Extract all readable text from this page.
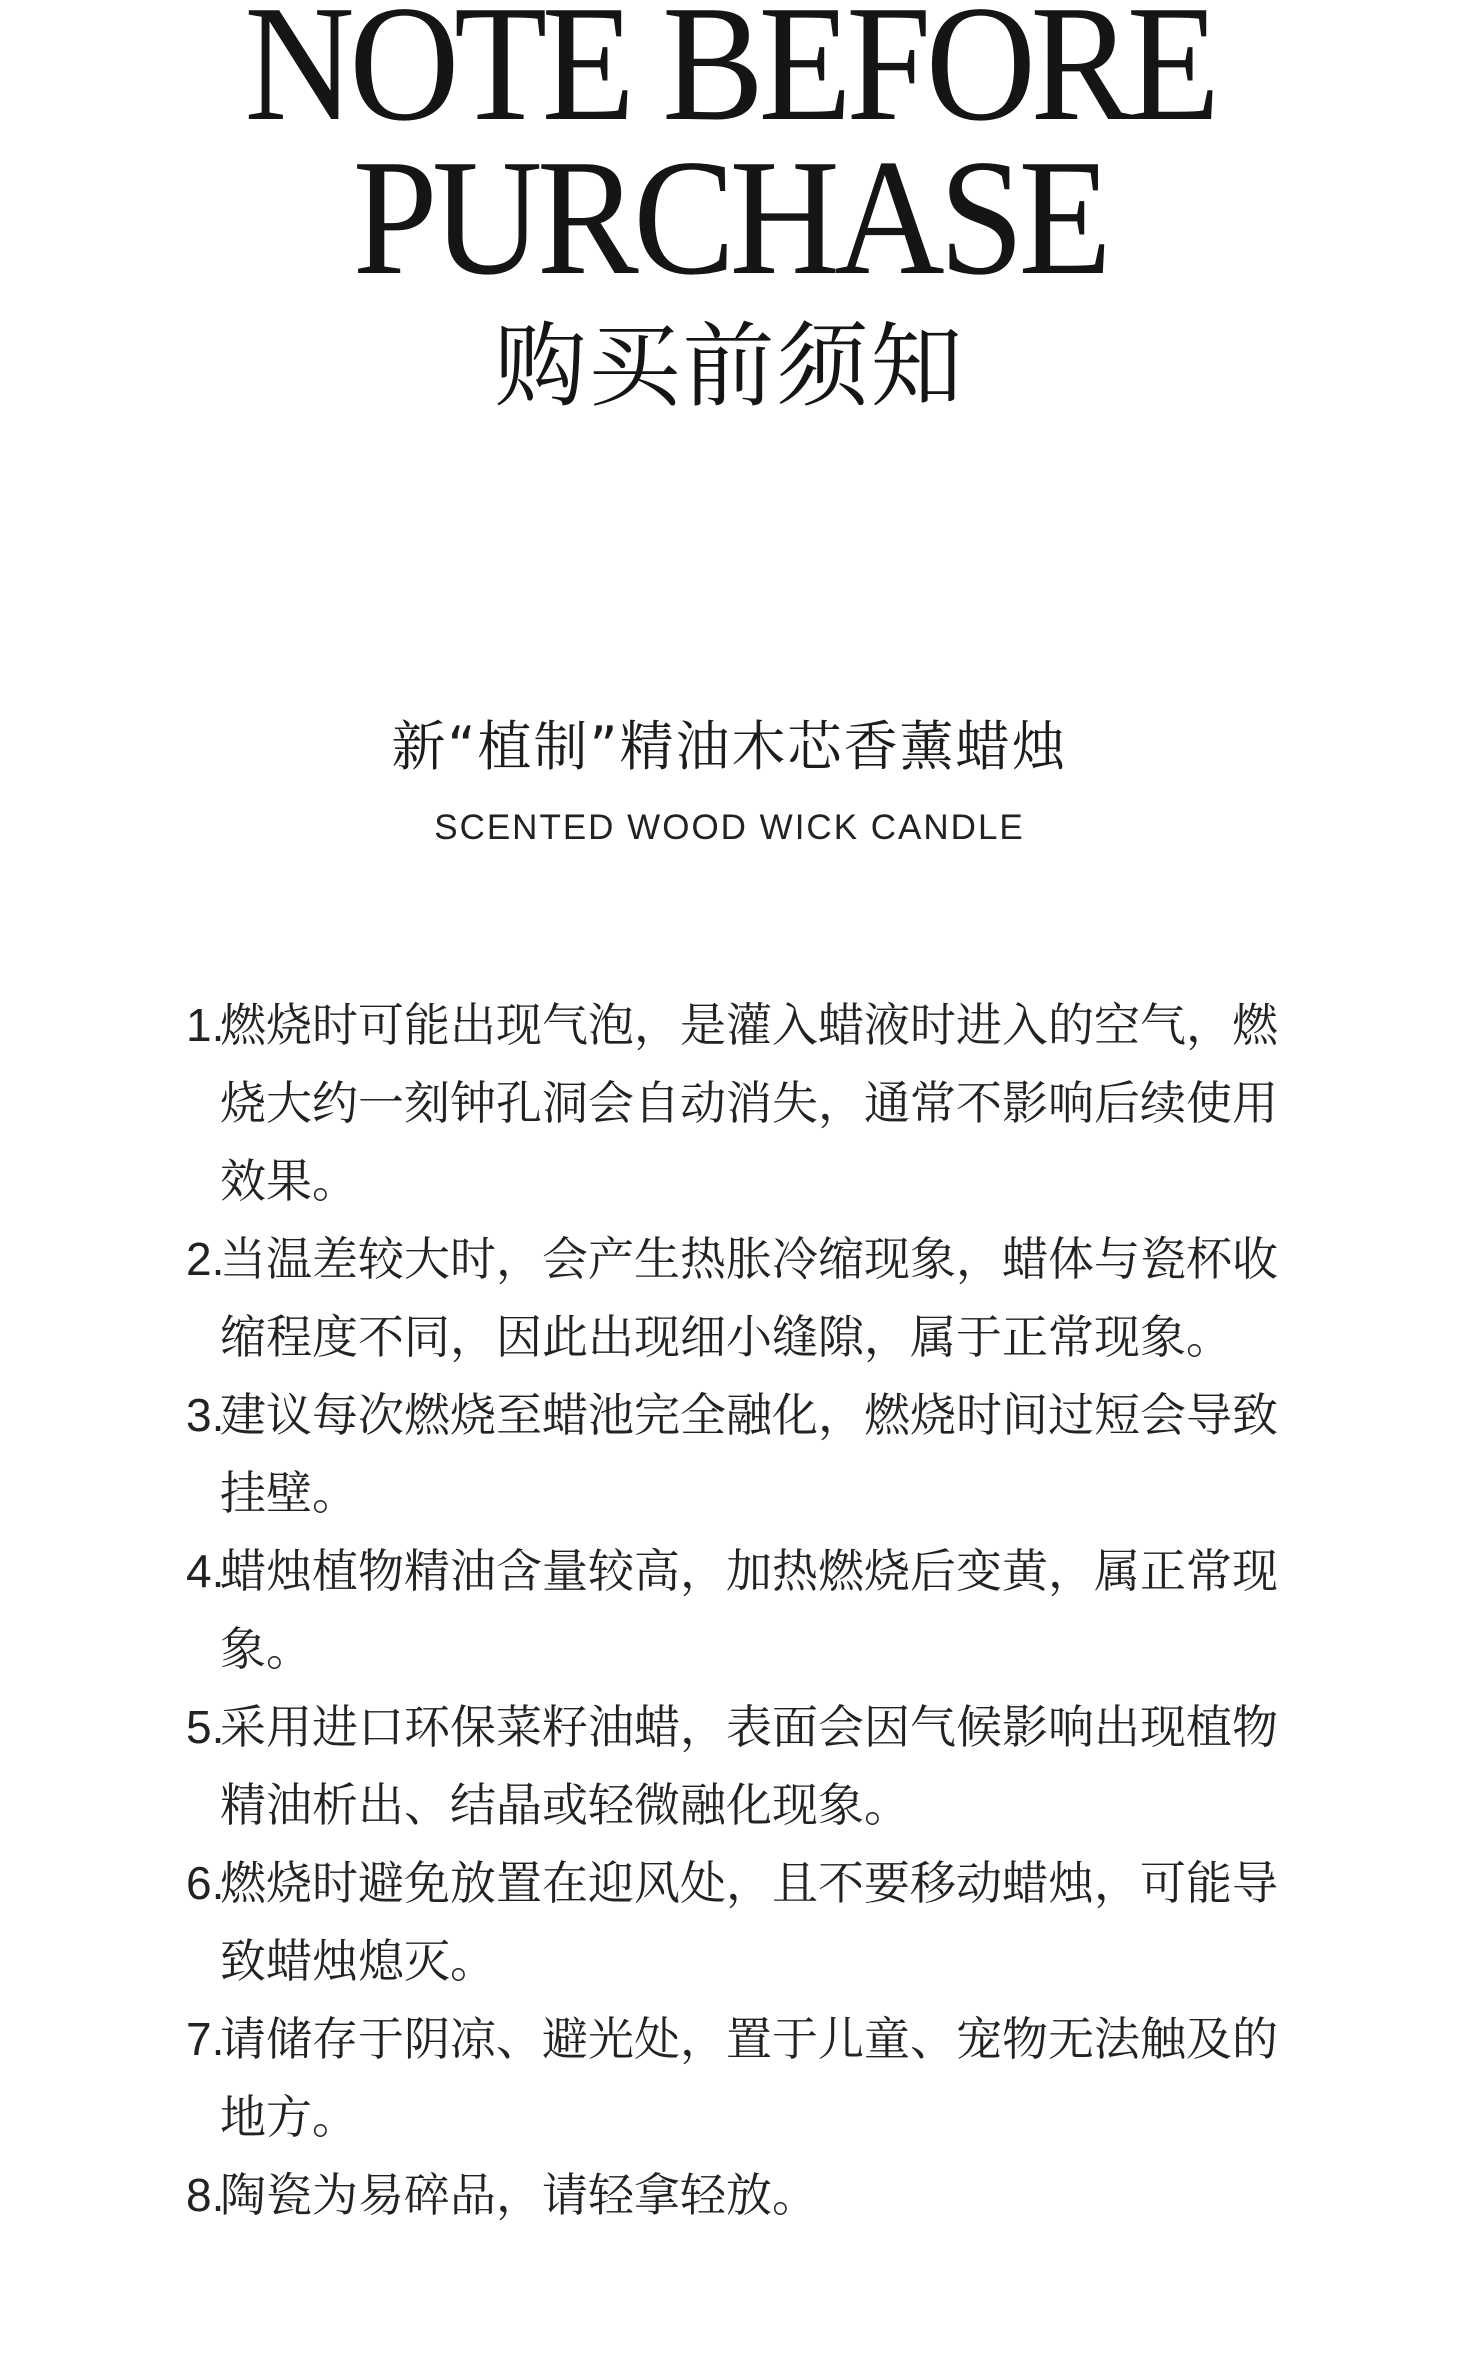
NOTE BEFORE
PURCHASE
购买前须知
新“植制”精油木芯香薰蜡烛
SCENTED WOOD WICK CANDLE
1.
燃烧时可能出现气泡，是灌入蜡液时进入的空气，燃烧大约一刻钟孔洞会自动消失，通常不影响后续使用效果。
2.
当温差较大时，会产生热胀冷缩现象，蜡体与瓷杯收缩程度不同，因此出现细小缝隙，属于正常现象。
3.
建议每次燃烧至蜡池完全融化，燃烧时间过短会导致挂壁。
4.
蜡烛植物精油含量较高，加热燃烧后变黄，属正常现象。
5.
采用进口环保菜籽油蜡，表面会因气候影响出现植物精油析出、结晶或轻微融化现象。
6.
燃烧时避免放置在迎风处，且不要移动蜡烛，可能导致蜡烛熄灭。
7.
请储存于阴凉、避光处，置于儿童、宠物无法触及的地方。
8.
陶瓷为易碎品，请轻拿轻放。
